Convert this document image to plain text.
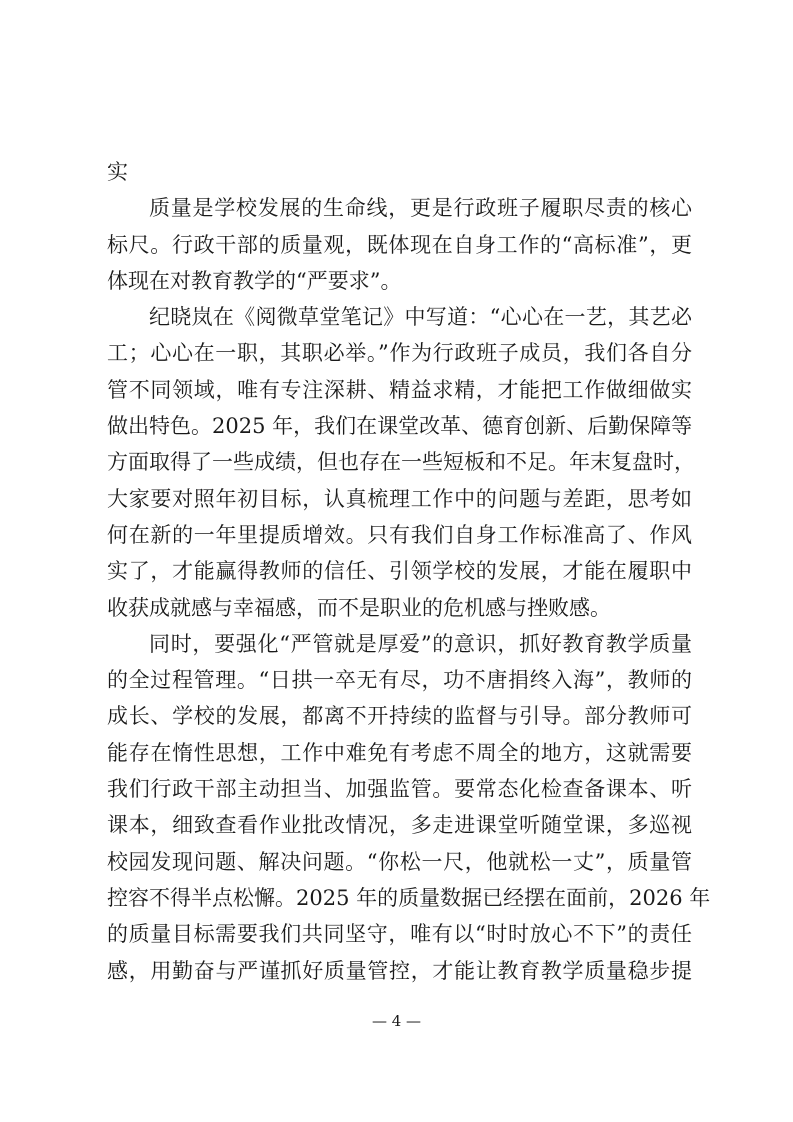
实
质量是学校发展的生命线，更是行政班子履职尽责的核心
标尺。行政干部的质量观，既体现在自身工作的“高标准”，更
体现在对教育教学的“严要求”。
纪晓岚在《阅微草堂笔记》中写道：“心心在一艺，其艺必
工；心心在一职，其职必举。”作为行政班子成员，我们各自分
管不同领域，唯有专注深耕、精益求精，才能把工作做细做实
做出特色。2025 年，我们在课堂改革、德育创新、后勤保障等
方面取得了一些成绩，但也存在一些短板和不足。年末复盘时，
大家要对照年初目标，认真梳理工作中的问题与差距，思考如
何在新的一年里提质增效。只有我们自身工作标准高了、作风
实了，才能赢得教师的信任、引领学校的发展，才能在履职中
收获成就感与幸福感，而不是职业的危机感与挫败感。
同时，要强化“严管就是厚爱”的意识，抓好教育教学质量
的全过程管理。“日拱一卒无有尽，功不唐捐终入海”，教师的
成长、学校的发展，都离不开持续的监督与引导。部分教师可
能存在惰性思想，工作中难免有考虑不周全的地方，这就需要
我们行政干部主动担当、加强监管。要常态化检查备课本、听
课本，细致查看作业批改情况，多走进课堂听随堂课，多巡视
校园发现问题、解决问题。“你松一尺，他就松一丈”，质量管
控容不得半点松懈。2025 年的质量数据已经摆在面前，2026 年
的质量目标需要我们共同坚守，唯有以“时时放心不下”的责任
感，用勤奋与严谨抓好质量管控，才能让教育教学质量稳步提
— 4 —
